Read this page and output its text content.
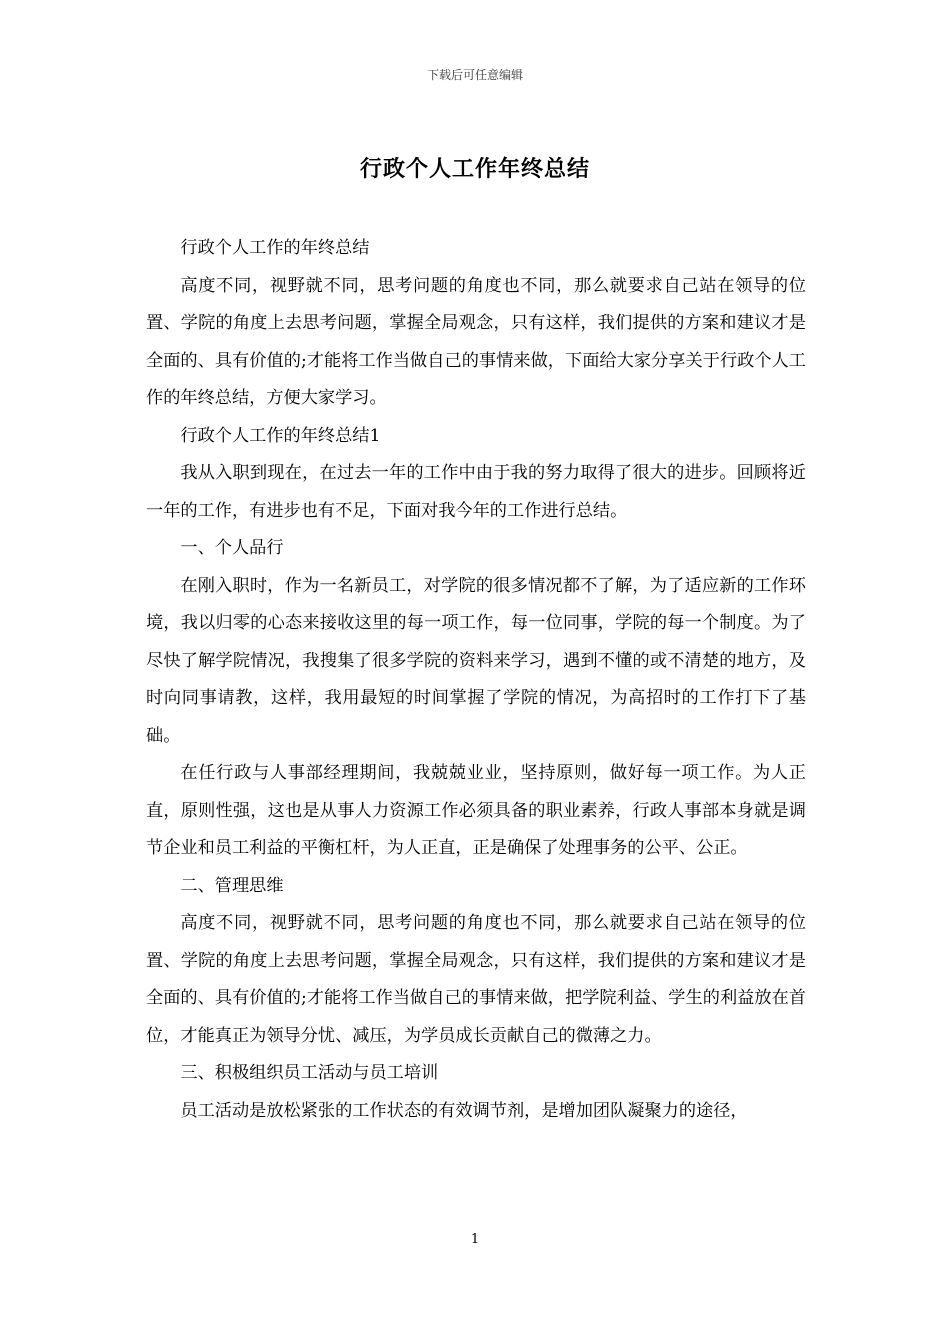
下载后可任意编辑
行政个人工作年终总结

行政个人工作的年终总结

高度不同，视野就不同，思考问题的角度也不同，那么就要求自己站在领导的位置、学院的角度上去思考问题，掌握全局观念，只有这样，我们提供的方案和建议才是全面的、具有价值的;才能将工作当做自己的事情来做，下面给大家分享关于行政个人工作的年终总结，方便大家学习。

行政个人工作的年终总结1

我从入职到现在，在过去一年的工作中由于我的努力取得了很大的进步。回顾将近一年的工作，有进步也有不足，下面对我今年的工作进行总结。

一、个人品行

在刚入职时，作为一名新员工，对学院的很多情况都不了解，为了适应新的工作环境，我以归零的心态来接收这里的每一项工作，每一位同事，学院的每一个制度。为了尽快了解学院情况，我搜集了很多学院的资料来学习，遇到不懂的或不清楚的地方，及时向同事请教，这样，我用最短的时间掌握了学院的情况，为高招时的工作打下了基础。

在任行政与人事部经理期间，我兢兢业业，坚持原则，做好每一项工作。为人正直，原则性强，这也是从事人力资源工作必须具备的职业素养，行政人事部本身就是调节企业和员工利益的平衡杠杆，为人正直，正是确保了处理事务的公平、公正。

二、管理思维

高度不同，视野就不同，思考问题的角度也不同，那么就要求自己站在领导的位置、学院的角度上去思考问题，掌握全局观念，只有这样，我们提供的方案和建议才是全面的、具有价值的;才能将工作当做自己的事情来做，把学院利益、学生的利益放在首位，才能真正为领导分忧、减压，为学员成长贡献自己的微薄之力。

三、积极组织员工活动与员工培训

员工活动是放松紧张的工作状态的有效调节剂，是增加团队凝聚力的途径，

1
